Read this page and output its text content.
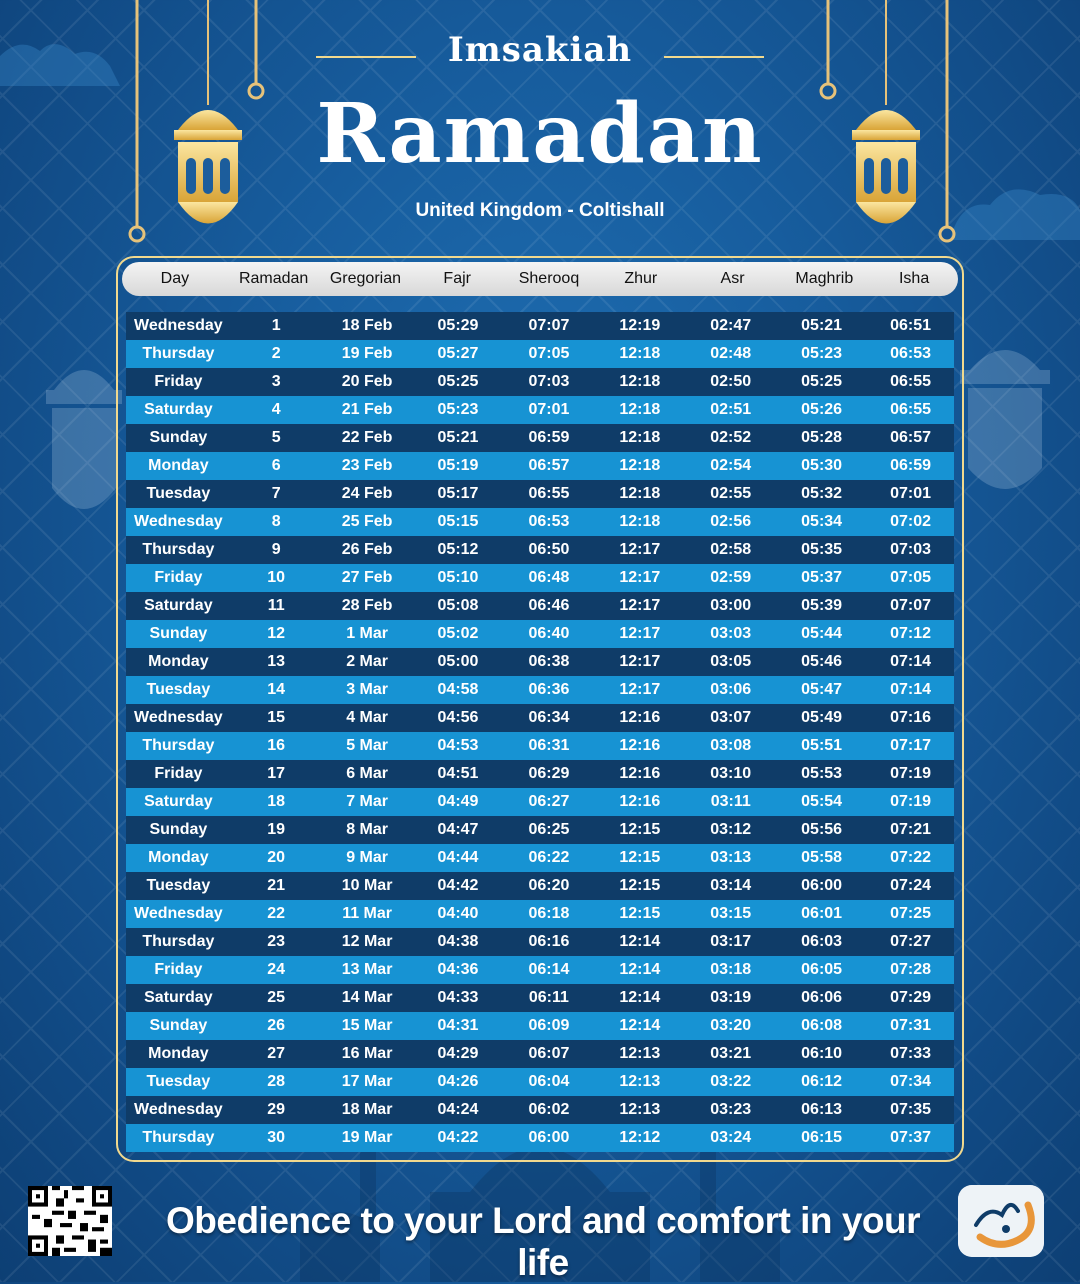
Imsakiah
Ramadan
United Kingdom - Coltishall
Day	Ramadan	Gregorian	Fajr	Sherooq	Zhur	Asr	Maghrib	Isha
Wednesday	1	18 Feb	05:29	07:07	12:19	02:47	05:21	06:51
Thursday	2	19 Feb	05:27	07:05	12:18	02:48	05:23	06:53
Friday	3	20 Feb	05:25	07:03	12:18	02:50	05:25	06:55
Saturday	4	21 Feb	05:23	07:01	12:18	02:51	05:26	06:55
Sunday	5	22 Feb	05:21	06:59	12:18	02:52	05:28	06:57
Monday	6	23 Feb	05:19	06:57	12:18	02:54	05:30	06:59
Tuesday	7	24 Feb	05:17	06:55	12:18	02:55	05:32	07:01
Wednesday	8	25 Feb	05:15	06:53	12:18	02:56	05:34	07:02
Thursday	9	26 Feb	05:12	06:50	12:17	02:58	05:35	07:03
Friday	10	27 Feb	05:10	06:48	12:17	02:59	05:37	07:05
Saturday	11	28 Feb	05:08	06:46	12:17	03:00	05:39	07:07
Sunday	12	1 Mar	05:02	06:40	12:17	03:03	05:44	07:12
Monday	13	2 Mar	05:00	06:38	12:17	03:05	05:46	07:14
Tuesday	14	3 Mar	04:58	06:36	12:17	03:06	05:47	07:14
Wednesday	15	4 Mar	04:56	06:34	12:16	03:07	05:49	07:16
Thursday	16	5 Mar	04:53	06:31	12:16	03:08	05:51	07:17
Friday	17	6 Mar	04:51	06:29	12:16	03:10	05:53	07:19
Saturday	18	7 Mar	04:49	06:27	12:16	03:11	05:54	07:19
Sunday	19	8 Mar	04:47	06:25	12:15	03:12	05:56	07:21
Monday	20	9 Mar	04:44	06:22	12:15	03:13	05:58	07:22
Tuesday	21	10 Mar	04:42	06:20	12:15	03:14	06:00	07:24
Wednesday	22	11 Mar	04:40	06:18	12:15	03:15	06:01	07:25
Thursday	23	12 Mar	04:38	06:16	12:14	03:17	06:03	07:27
Friday	24	13 Mar	04:36	06:14	12:14	03:18	06:05	07:28
Saturday	25	14 Mar	04:33	06:11	12:14	03:19	06:06	07:29
Sunday	26	15 Mar	04:31	06:09	12:14	03:20	06:08	07:31
Monday	27	16 Mar	04:29	06:07	12:13	03:21	06:10	07:33
Tuesday	28	17 Mar	04:26	06:04	12:13	03:22	06:12	07:34
Wednesday	29	18 Mar	04:24	06:02	12:13	03:23	06:13	07:35
Thursday	30	19 Mar	04:22	06:00	12:12	03:24	06:15	07:37
Obedience to your Lord and comfort in your life
